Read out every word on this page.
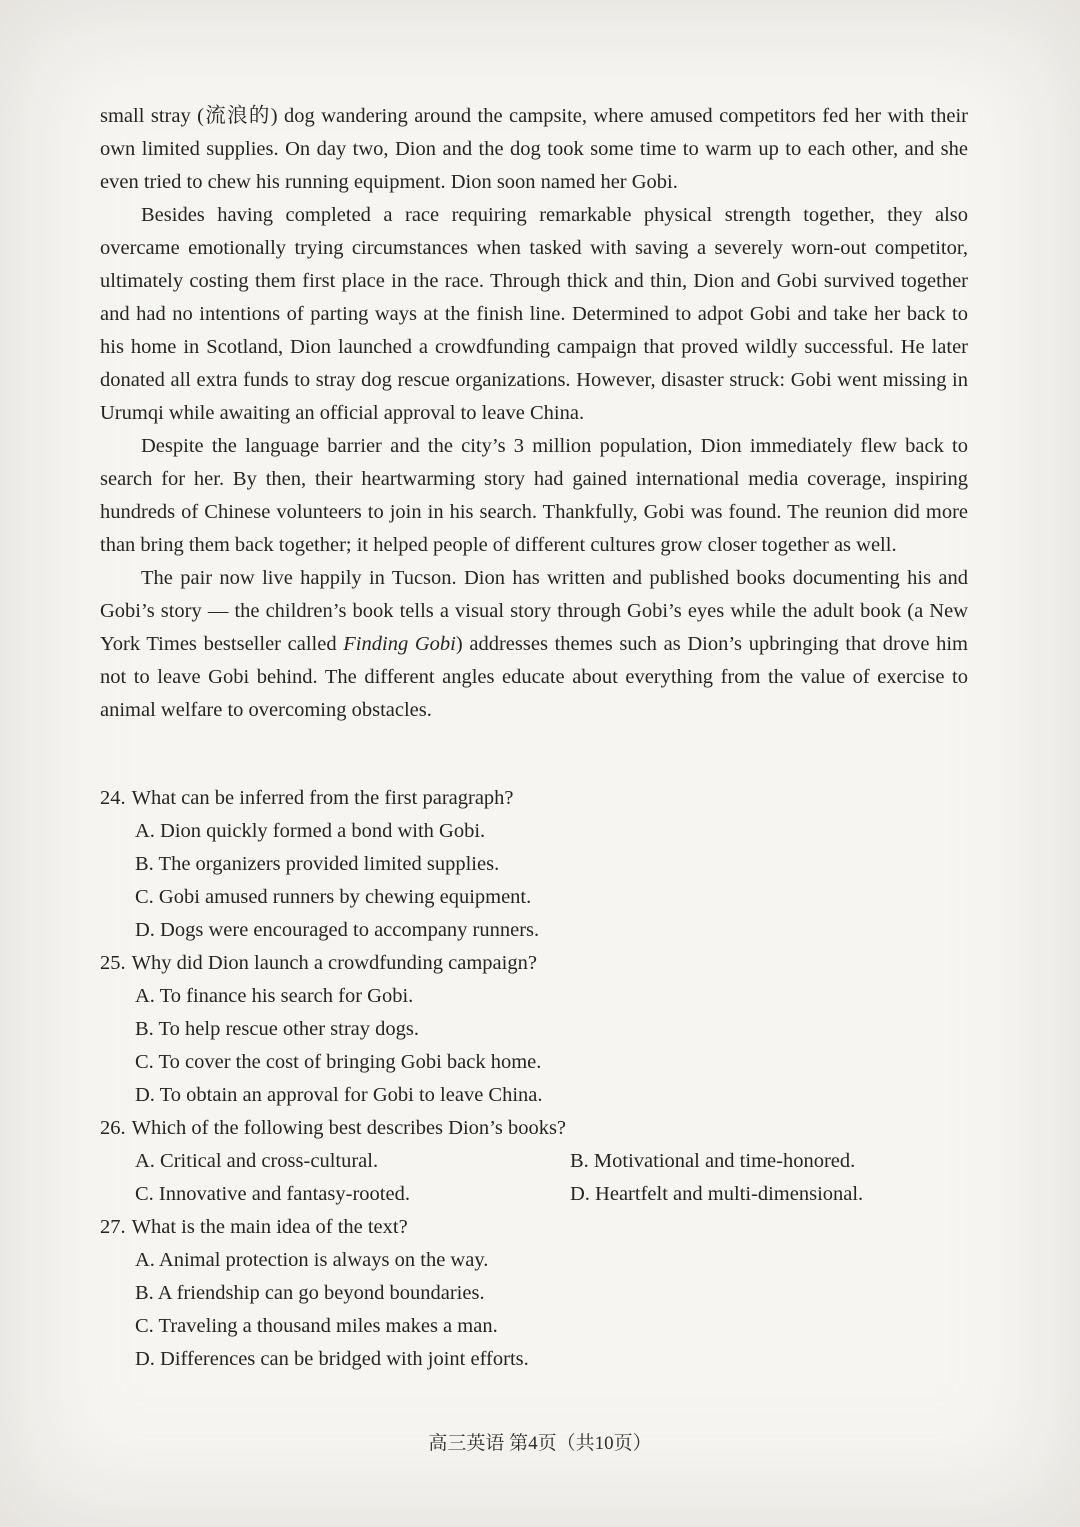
small stray (流浪的) dog wandering around the campsite, where amused competitors fed her with their own limited supplies. On day two, Dion and the dog took some time to warm up to each other, and she even tried to chew his running equipment. Dion soon named her Gobi.

Besides having completed a race requiring remarkable physical strength together, they also overcame emotionally trying circumstances when tasked with saving a severely worn-out competitor, ultimately costing them first place in the race. Through thick and thin, Dion and Gobi survived together and had no intentions of parting ways at the finish line. Determined to adpot Gobi and take her back to his home in Scotland, Dion launched a crowdfunding campaign that proved wildly successful. He later donated all extra funds to stray dog rescue organizations. However, disaster struck: Gobi went missing in Urumqi while awaiting an official approval to leave China.

Despite the language barrier and the city’s 3 million population, Dion immediately flew back to search for her. By then, their heartwarming story had gained international media coverage, inspiring hundreds of Chinese volunteers to join in his search. Thankfully, Gobi was found. The reunion did more than bring them back together; it helped people of different cultures grow closer together as well.

The pair now live happily in Tucson. Dion has written and published books documenting his and Gobi’s story — the children’s book tells a visual story through Gobi’s eyes while the adult book (a New York Times bestseller called Finding Gobi) addresses themes such as Dion’s upbringing that drove him not to leave Gobi behind. The different angles educate about everything from the value of exercise to animal welfare to overcoming obstacles.

24. What can be inferred from the first paragraph?
A. Dion quickly formed a bond with Gobi.
B. The organizers provided limited supplies.
C. Gobi amused runners by chewing equipment.
D. Dogs were encouraged to accompany runners.
25. Why did Dion launch a crowdfunding campaign?
A. To finance his search for Gobi.
B. To help rescue other stray dogs.
C. To cover the cost of bringing Gobi back home.
D. To obtain an approval for Gobi to leave China.
26. Which of the following best describes Dion’s books?
A. Critical and cross-cultural.	B. Motivational and time-honored.
C. Innovative and fantasy-rooted.	D. Heartfelt and multi-dimensional.
27. What is the main idea of the text?
A. Animal protection is always on the way.
B. A friendship can go beyond boundaries.
C. Traveling a thousand miles makes a man.
D. Differences can be bridged with joint efforts.
高三英语 第4页（共10页）
